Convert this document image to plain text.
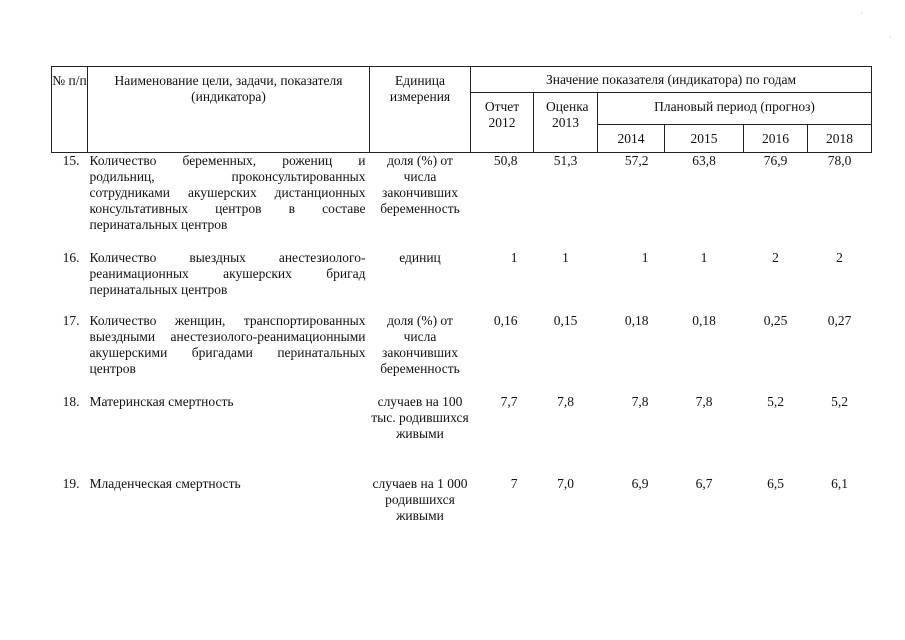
·
·
№ п/п	Наименование цели, задачи, показателя (индикатора)	Единица измерения	Значение показателя (индикатора) по годам					
			Отчет 2012	Оценка 2013	Плановый период (прогноз)			
					2014	2015	2016	2018
15.	Количество беременных, рожениц и родильниц, проконсультированных сотрудниками акушерских дистанционных консультативных центров в составе перинатальных центров	доля (%) от числа закончивших беременность	50,8	51,3	57,2	63,8	76,9	78,0
16.	Количество выездных анестезиолого-реанимационных акушерских бригад перинатальных центров	единиц	1	1	1	1	2	2
17.	Количество женщин, транспортированных выездными анестезиолого-реанимационными акушерскими бригадами перинатальных центров	доля (%) от числа закончивших беременность	0,16	0,15	0,18	0,18	0,25	0,27
18.	Материнская смертность	случаев на 100 тыс. родившихся живыми	7,7	7,8	7,8	7,8	5,2	5,2
19.	Младенческая смертность	случаев на 1 000 родившихся живыми	7	7,0	6,9	6,7	6,5	6,1
